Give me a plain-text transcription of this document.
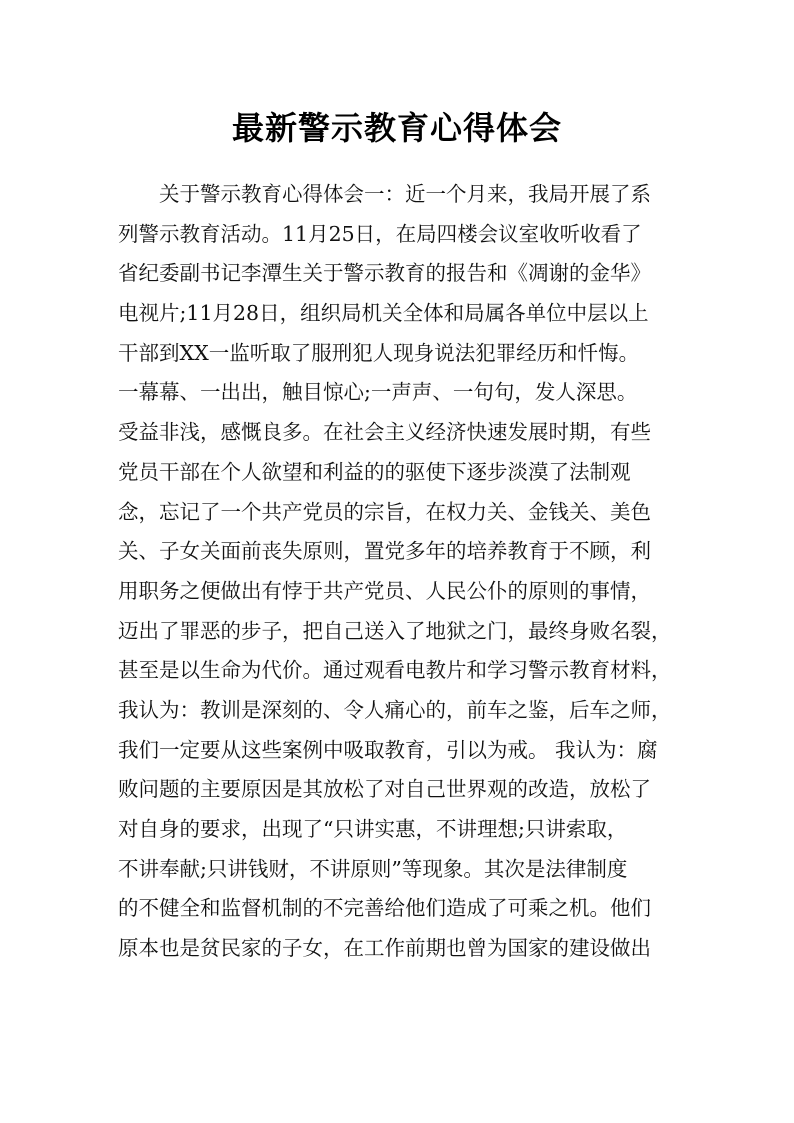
最新警示教育心得体会
　　关于警示教育心得体会一：近一个月来，我局开展了系
列警示教育活动。11月25日，在局四楼会议室收听收看了
省纪委副书记李潭生关于警示教育的报告和《凋谢的金华》
电视片;11月28日，组织局机关全体和局属各单位中层以上
干部到XX一监听取了服刑犯人现身说法犯罪经历和忏悔。
一幕幕、一出出，触目惊心;一声声、一句句，发人深思。
受益非浅，感慨良多。在社会主义经济快速发展时期，有些
党员干部在个人欲望和利益的的驱使下逐步淡漠了法制观
念，忘记了一个共产党员的宗旨，在权力关、金钱关、美色
关、子女关面前丧失原则，置党多年的培养教育于不顾，利
用职务之便做出有悖于共产党员、人民公仆的原则的事情，
迈出了罪恶的步子，把自己送入了地狱之门，最终身败名裂，
甚至是以生命为代价。通过观看电教片和学习警示教育材料，
我认为：教训是深刻的、令人痛心的，前车之鉴，后车之师，
我们一定要从这些案例中吸取教育，引以为戒。 我认为：腐
败问题的主要原因是其放松了对自己世界观的改造，放松了
对自身的要求，出现了“只讲实惠，不讲理想;只讲索取，
不讲奉献;只讲钱财，不讲原则”等现象。其次是法律制度
的不健全和监督机制的不完善给他们造成了可乘之机。他们
原本也是贫民家的子女，在工作前期也曾为国家的建设做出
